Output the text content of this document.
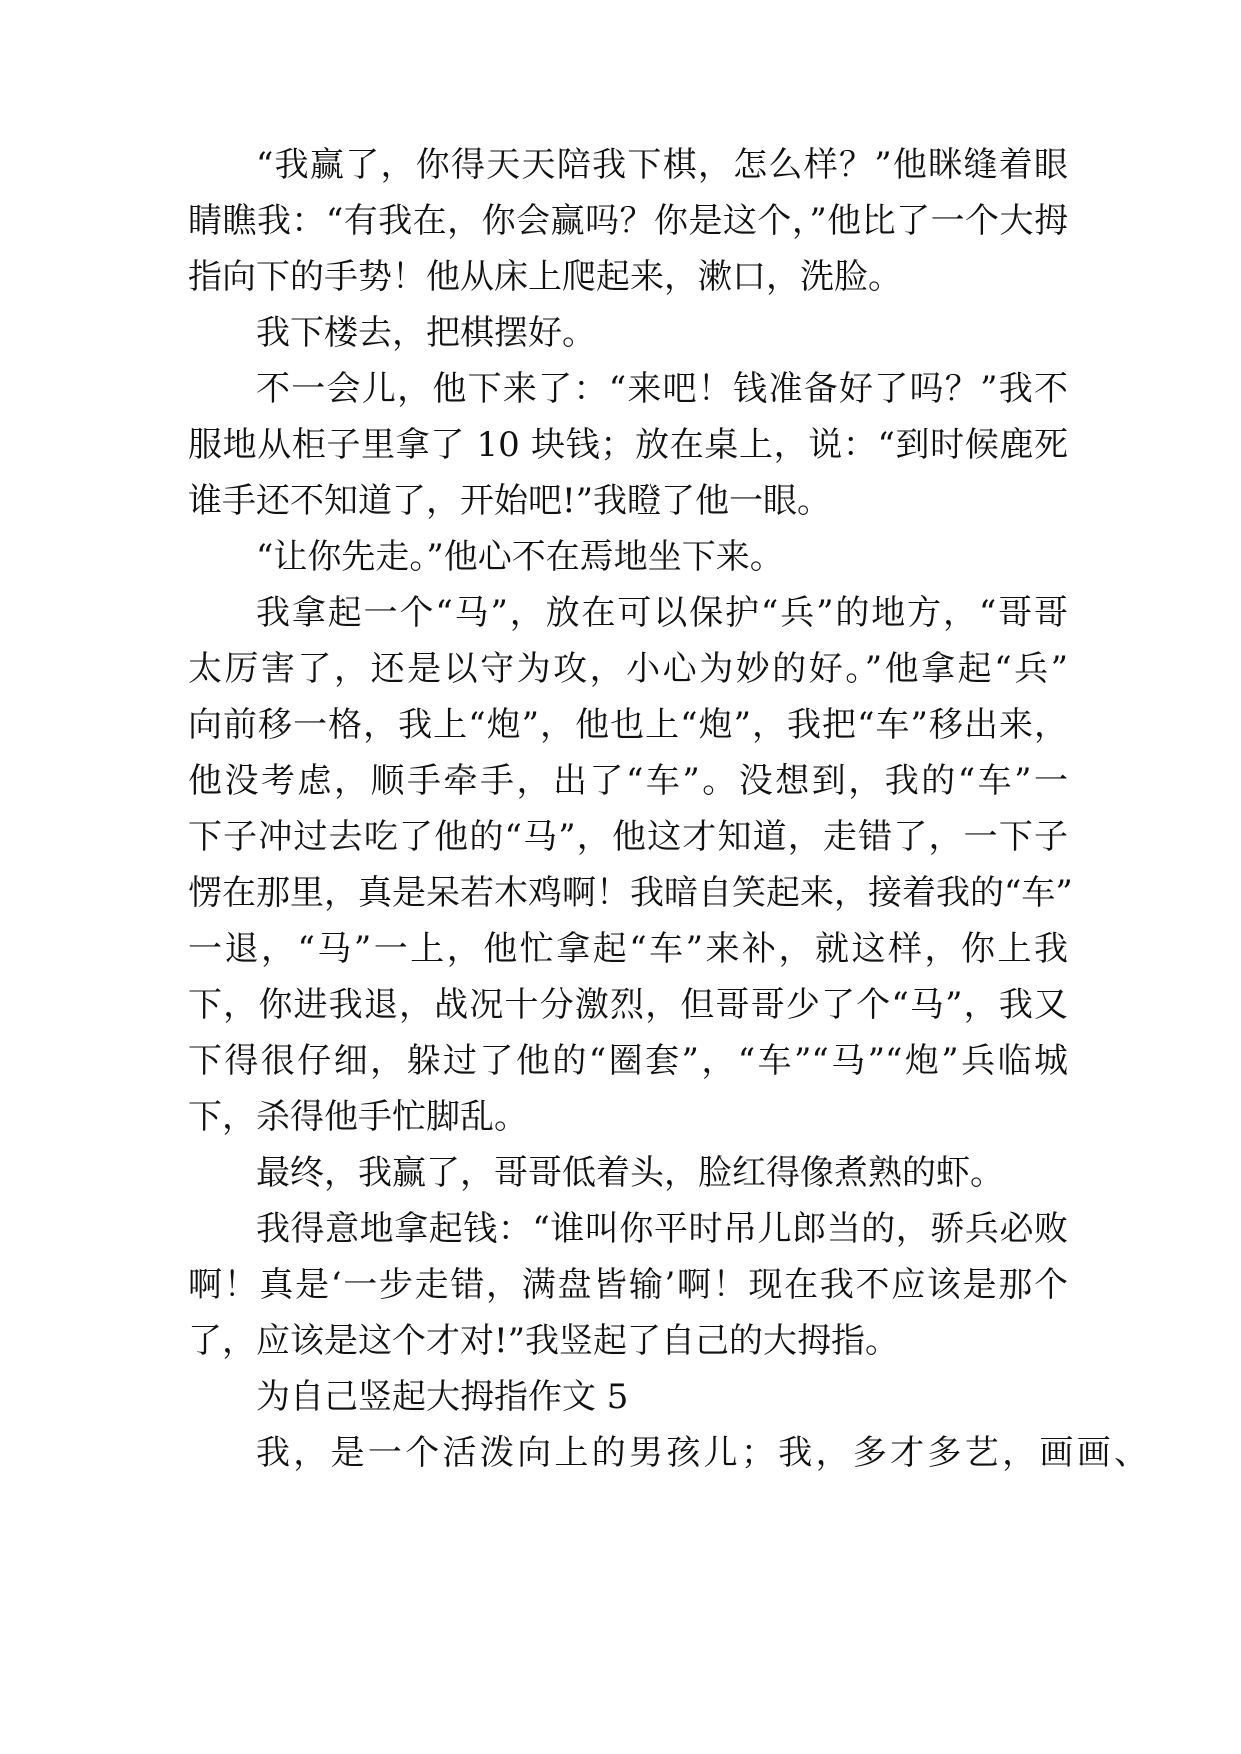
“我赢了，你得天天陪我下棋，怎么样？”他眯缝着眼
睛瞧我：“有我在，你会赢吗？你是这个，”他比了一个大拇
指向下的手势！他从床上爬起来，漱口，洗脸。
我下楼去，把棋摆好。
不一会儿，他下来了：“来吧！钱准备好了吗？”我不
服地从柜子里拿了 10 块钱；放在桌上，说：“到时候鹿死
谁手还不知道了，开始吧!”我瞪了他一眼。
“让你先走。”他心不在焉地坐下来。
我拿起一个“马”，放在可以保护“兵”的地方，“哥哥
太厉害了，还是以守为攻，小心为妙的好。”他拿起“兵”
向前移一格，我上“炮”，他也上“炮”，我把“车”移出来，
他没考虑，顺手牵手，出了“车”。没想到，我的“车”一
下子冲过去吃了他的“马”，他这才知道，走错了，一下子
愣在那里，真是呆若木鸡啊！我暗自笑起来，接着我的“车”
一退，“马”一上，他忙拿起“车”来补，就这样，你上我
下，你进我退，战况十分激烈，但哥哥少了个“马”，我又
下得很仔细，躲过了他的“圈套”，“车”“马”“炮”兵临城
下，杀得他手忙脚乱。
最终，我赢了，哥哥低着头，脸红得像煮熟的虾。
我得意地拿起钱：“谁叫你平时吊儿郎当的，骄兵必败
啊！真是‘一步走错，满盘皆输’啊！现在我不应该是那个
了，应该是这个才对!”我竖起了自己的大拇指。
为自己竖起大拇指作文 5
我，是一个活泼向上的男孩儿；我，多才多艺，画画、
